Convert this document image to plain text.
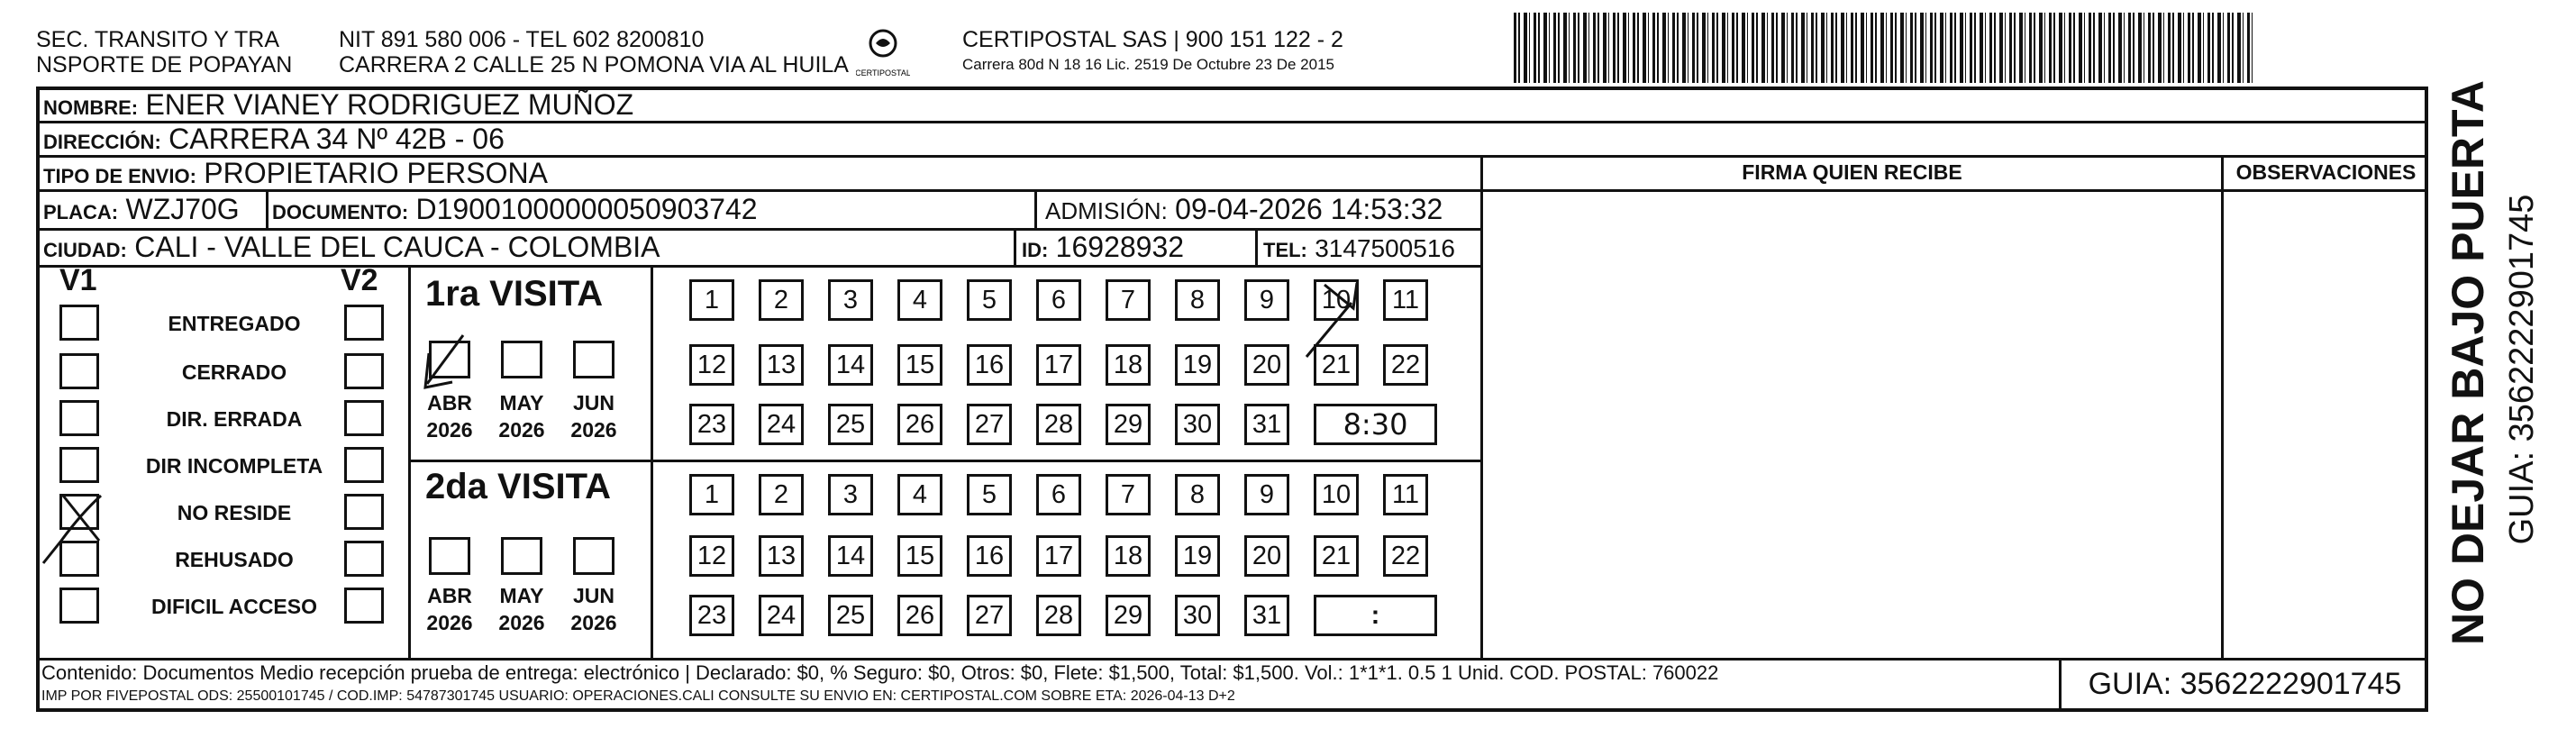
SEC. TRANSITO Y TRA
NSPORTE DE POPAYAN
NIT 891 580 006 - TEL 602 8200810
CARRERA 2 CALLE 25 N POMONA VIA AL HUILA CERTIPOSTAL
CERTIPOSTAL SAS | 900 151 122 - 2
Carrera 80d N 18 16 Lic. 2519 De Octubre 23 De 2015
NOMBRE: ENER VIANEY RODRIGUEZ MUÑOZ
DIRECCIÓN: CARRERA 34 Nº 42B - 06
TIPO DE ENVIO: PROPIETARIO PERSONA
PLACA: WZJ70G DOCUMENTO: D19001000000050903742	ADMISIÓN: 09-04-2026 14:53:32
CIUDAD: CALI - VALLE DEL CAUCA - COLOMBIA	ID: 16928932	TEL: 3147500516
FIRMA QUIEN RECIBE	OBSERVACIONES
V1	V2
ENTREGADO
CERRADO
DIR. ERRADA
DIR INCOMPLETA
NO RESIDE
REHUSADO
DIFICIL ACCESO
1ra VISITA
ABR	MAY	JUN
2026	2026	2026
2da VISITA
ABR	MAY	JUN
2026	2026	2026
1	2	3	4	5	6	7	8	9	10	11
12	13	14	15	16	17	18	19	20	21	22
23	24	25	26	27	28	29	30	31	8:30
1	2	3	4	5	6	7	8	9	10	11
12	13	14	15	16	17	18	19	20	21	22
23	24	25	26	27	28	29	30	31	:
Contenido: Documentos Medio recepción prueba de entrega: electrónico | Declarado: $0, % Seguro: $0, Otros: $0, Flete: $1,500, Total: $1,500. Vol.: 1*1*1. 0.5 1 Unid. COD. POSTAL: 760022
IMP POR FIVEPOSTAL ODS: 25500101745 / COD.IMP: 54787301745 USUARIO: OPERACIONES.CALI CONSULTE SU ENVIO EN: CERTIPOSTAL.COM SOBRE ETA: 2026-04-13 D+2	GUIA: 3562222901745
NO DEJAR BAJO PUERTA GUIA: 3562222901745
